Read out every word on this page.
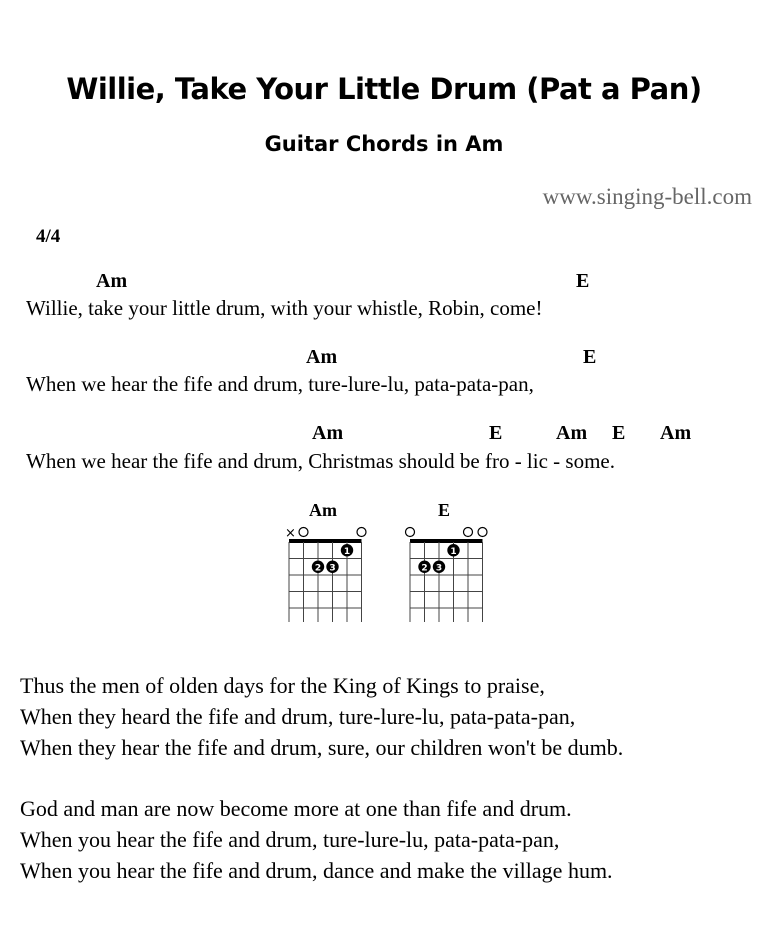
Willie, Take Your Little Drum (Pat a Pan)
Guitar Chords in Am
www.singing-bell.com
4/4
Am	E
Willie, take your little drum, with your whistle, Robin, come!
Am	E
When we hear the fife and drum, ture-lure-lu, pata-pata-pan,
Am	E	Am E Am
When we hear the fife and drum, Christmas should be fro - lic - some.
Am
×
1
2 3
E
1
2 3
Thus the men of olden days for the King of Kings to praise,
When they heard the fife and drum, ture-lure-lu, pata-pata-pan,
When they hear the fife and drum, sure, our children won't be dumb.
God and man are now become more at one than fife and drum.
When you hear the fife and drum, ture-lure-lu, pata-pata-pan,
When you hear the fife and drum, dance and make the village hum.
